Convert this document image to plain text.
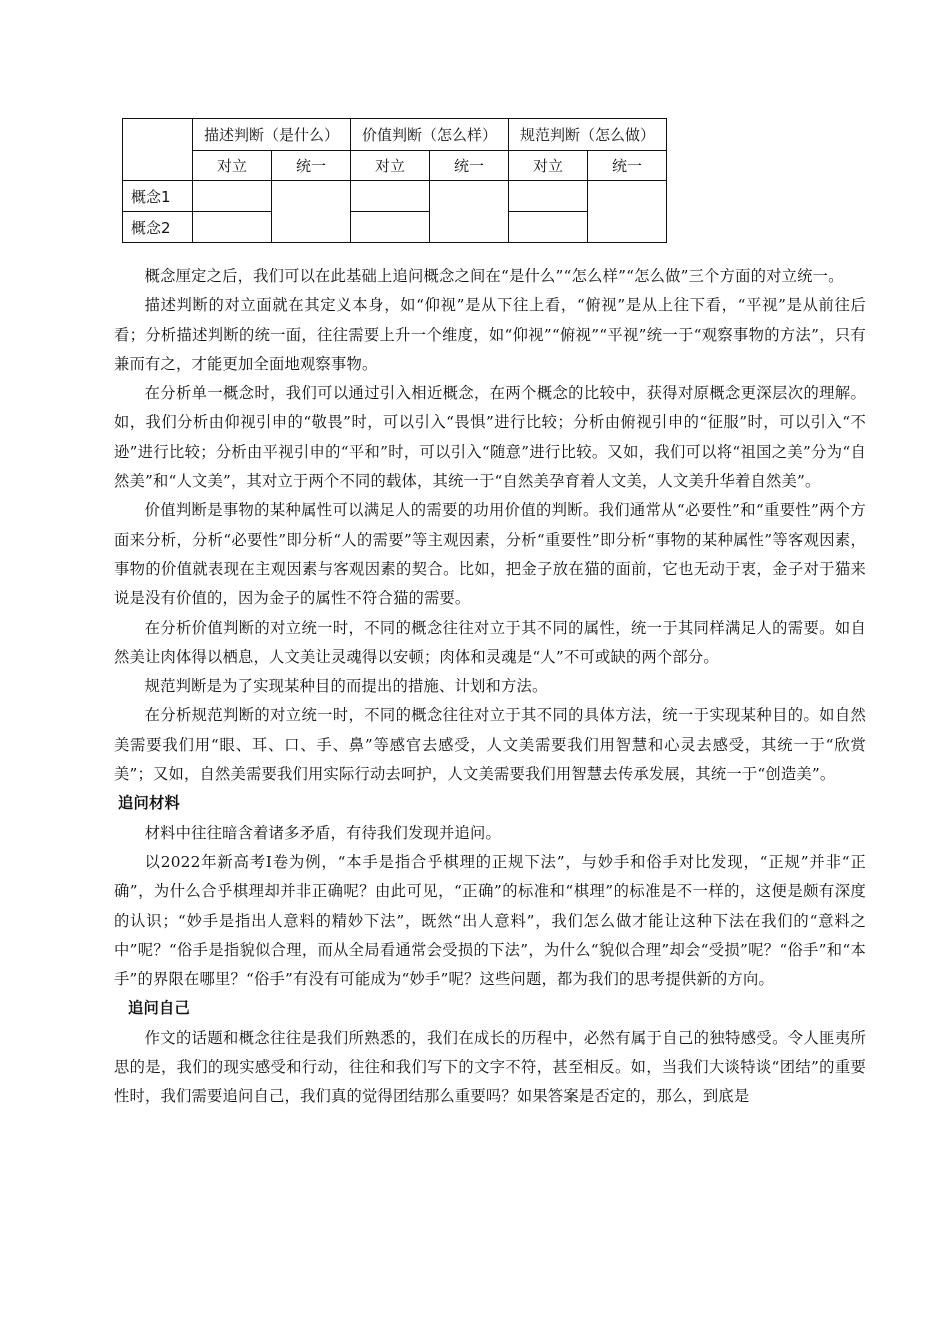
	描述判断（是什么）		价值判断（怎么样）		规范判断（怎么做）	
	对立	统一	对立	统一	对立	统一
概念1						
概念2						

概念厘定之后，我们可以在此基础上追问概念之间在“是什么”“怎么样”“怎么做”三个方面的对立统一。

描述判断的对立面就在其定义本身，如“仰视”是从下往上看，“俯视”是从上往下看，“平视”是从前往后看；分析描述判断的统一面，往往需要上升一个维度，如“仰视”“俯视”“平视”统一于“观察事物的方法”，只有兼而有之，才能更加全面地观察事物。

在分析单一概念时，我们可以通过引入相近概念，在两个概念的比较中，获得对原概念更深层次的理解。如，我们分析由仰视引申的“敬畏”时，可以引入“畏惧”进行比较；分析由俯视引申的“征服”时，可以引入“不逊”进行比较；分析由平视引申的“平和”时，可以引入“随意”进行比较。又如，我们可以将“祖国之美”分为“自然美”和“人文美”，其对立于两个不同的载体，其统一于“自然美孕育着人文美，人文美升华着自然美”。

价值判断是事物的某种属性可以满足人的需要的功用价值的判断。我们通常从“必要性”和“重要性”两个方面来分析，分析“必要性”即分析“人的需要”等主观因素，分析“重要性”即分析“事物的某种属性”等客观因素，事物的价值就表现在主观因素与客观因素的契合。比如，把金子放在猫的面前，它也无动于衷，金子对于猫来说是没有价值的，因为金子的属性不符合猫的需要。

在分析价值判断的对立统一时，不同的概念往往对立于其不同的属性，统一于其同样满足人的需要。如自然美让肉体得以栖息，人文美让灵魂得以安顿；肉体和灵魂是“人”不可或缺的两个部分。

规范判断是为了实现某种目的而提出的措施、计划和方法。

在分析规范判断的对立统一时，不同的概念往往对立于其不同的具体方法，统一于实现某种目的。如自然美需要我们用“眼、耳、口、手、鼻”等感官去感受，人文美需要我们用智慧和心灵去感受，其统一于“欣赏美”；又如，自然美需要我们用实际行动去呵护，人文美需要我们用智慧去传承发展，其统一于“创造美”。

追问材料

材料中往往暗含着诸多矛盾，有待我们发现并追问。

以2022年新高考I卷为例，“本手是指合乎棋理的正规下法”，与妙手和俗手对比发现，“正规”并非“正确”，为什么合乎棋理却并非正确呢？由此可见，“正确”的标准和“棋理”的标准是不一样的，这便是颇有深度的认识；“妙手是指出人意料的精妙下法”，既然“出人意料”，我们怎么做才能让这种下法在我们的“意料之中”呢？“俗手是指貌似合理，而从全局看通常会受损的下法”，为什么“貌似合理”却会“受损”呢？“俗手”和“本手”的界限在哪里？“俗手”有没有可能成为“妙手”呢？这些问题，都为我们的思考提供新的方向。

追问自己

作文的话题和概念往往是我们所熟悉的，我们在成长的历程中，必然有属于自己的独特感受。令人匪夷所思的是，我们的现实感受和行动，往往和我们写下的文字不符，甚至相反。如，当我们大谈特谈“团结”的重要性时，我们需要追问自己，我们真的觉得团结那么重要吗？如果答案是否定的，那么，到底是
